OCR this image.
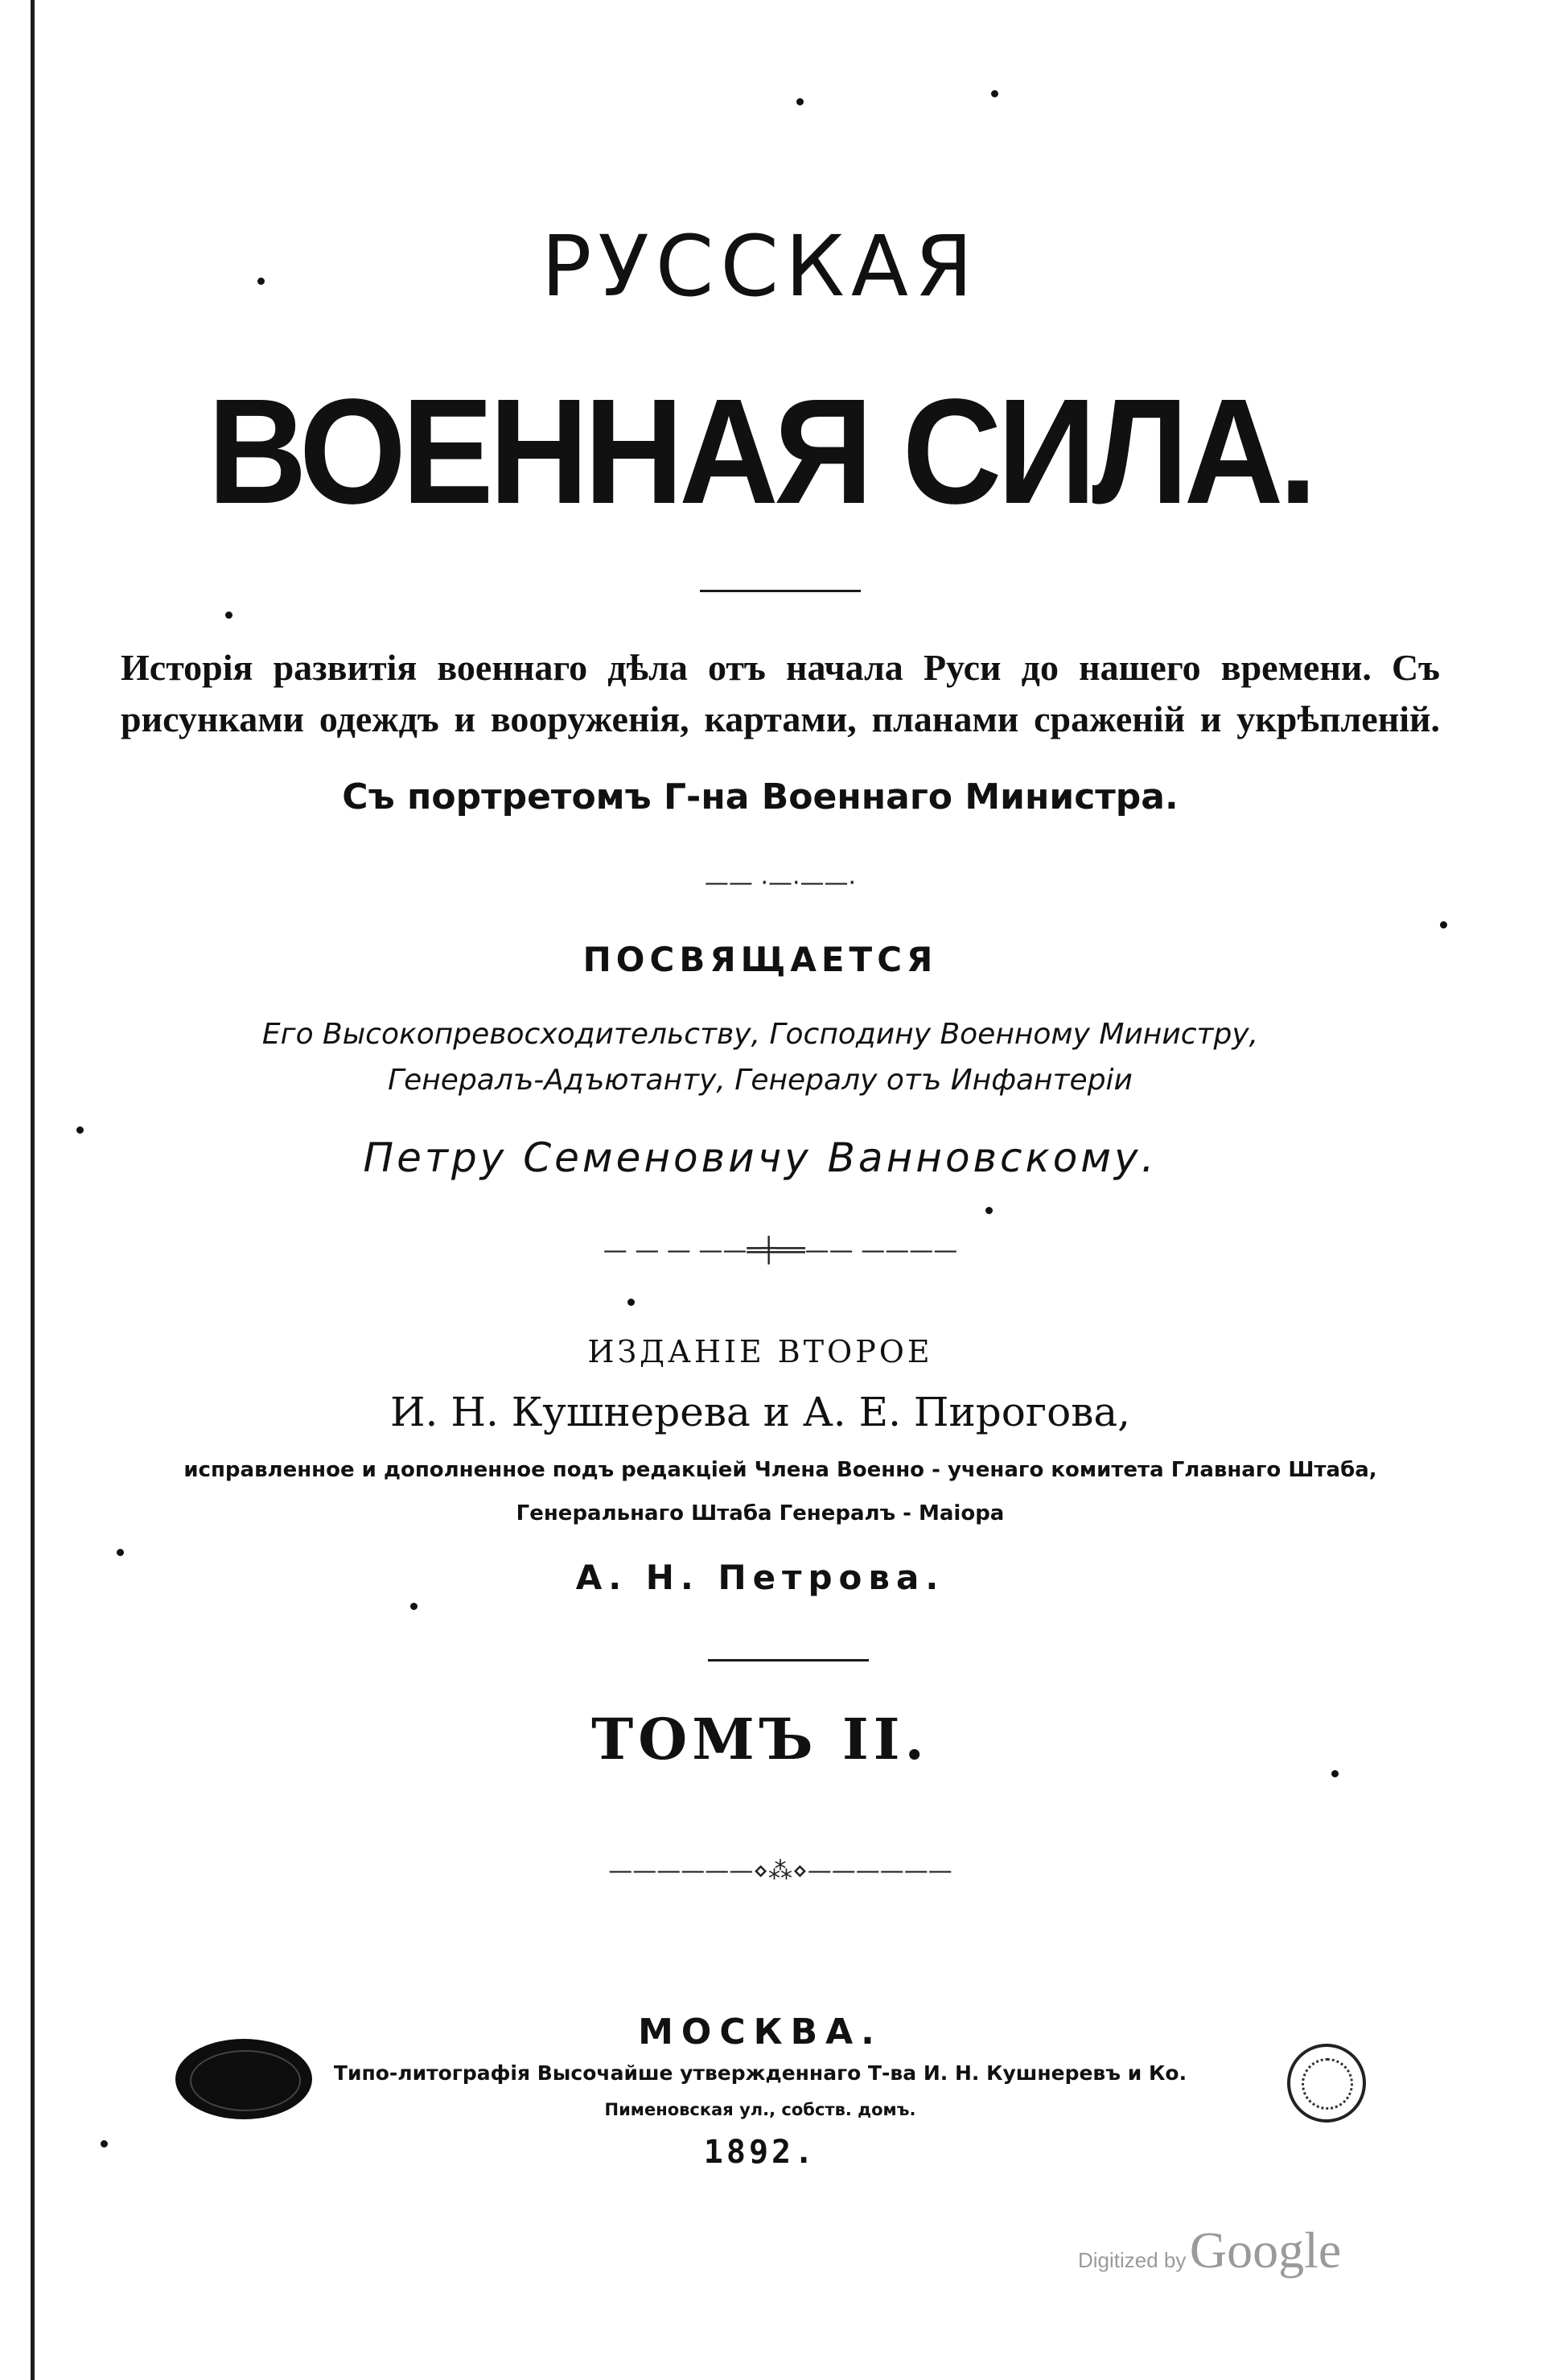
РУССКАЯ
ВОЕННАЯ СИЛА.
Исторія развитія военнаго дѣла отъ начала Руси до нашего времени. Съ рисунками одеждъ и вооруженія, картами, планами сраженій и укрѣпленій.
Съ портретомъ Г-на Военнаго Министра.
—— ·—·——·
ПОСВЯЩАЕТСЯ
Его Высокопревосходительству, Господину Военному Министру,
Генералъ-Адъютанту, Генералу отъ Инфантеріи
Петру Семеновичу Ванновскому.
— — — ——═╪══—— ————
ИЗДАНІЕ ВТОРОЕ
И. Н. Кушнерева и А. Е. Пирогова,
исправленное и дополненное подъ редакціей Члена Военно - ученаго комитета Главнаго Штаба,
Генеральнаго Штаба Генералъ - Маіора
А. Н. Петрова.
ТОМЪ II.
——————⋄⁂⋄——————
МОСКВА.
Типо-литографія Высочайше утвержденнаго Т-ва И. Н. Кушнеревъ и Ко.
Пименовская ул., собств. домъ.
1892.
Digitized by Google
